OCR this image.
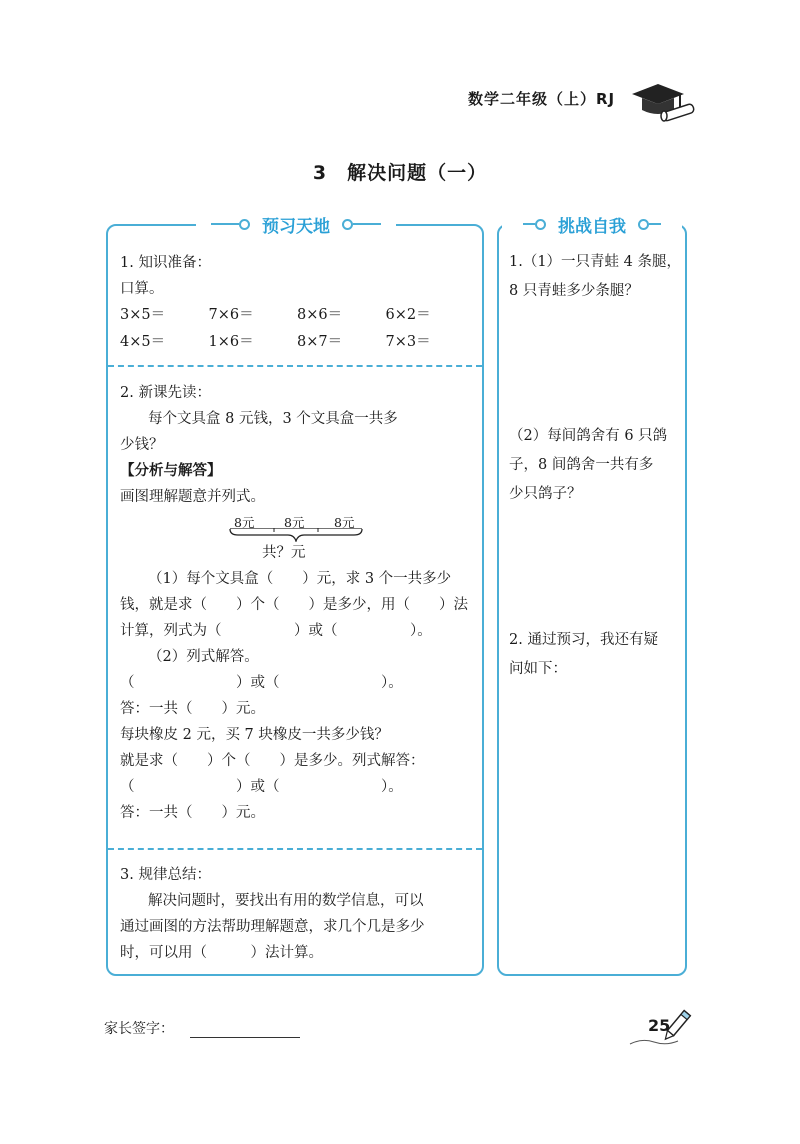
数学二年级（上）RJ
3 解决问题（一）
预习天地	挑战自我
1. 知识准备：
口算。
3×5＝	7×6＝	8×6＝	6×2＝
4×5＝	1×6＝	8×7＝	7×3＝
2. 新课先读：
每个文具盒 8 元钱，3 个文具盒一共多
少钱？
【分析与解答】
画图理解题意并列式。
8元 8元 8元
共？元
（1）每个文具盒（　　）元，求 3 个一共多少
钱，就是求（　　）个（　　）是多少，用（　　）法
计算，列式为（　　　　　）或（　　　　　）。
（2）列式解答。
（　　　　　　　）或（　　　　　　　）。
答：一共（　　）元。
每块橡皮 2 元，买 7 块橡皮一共多少钱？
就是求（　　）个（　　）是多少。列式解答：
（　　　　　　　）或（　　　　　　　）。
答：一共（　　）元。
3. 规律总结：
解决问题时，要找出有用的数学信息，可以
通过画图的方法帮助理解题意，求几个几是多少
时，可以用（　　　）法计算。
1.（1）一只青蛙 4 条腿，
8 只青蛙多少条腿？
（2）每间鸽舍有 6 只鸽
子，8 间鸽舍一共有多
少只鸽子？
2. 通过预习，我还有疑
问如下：
家长签字：	25
